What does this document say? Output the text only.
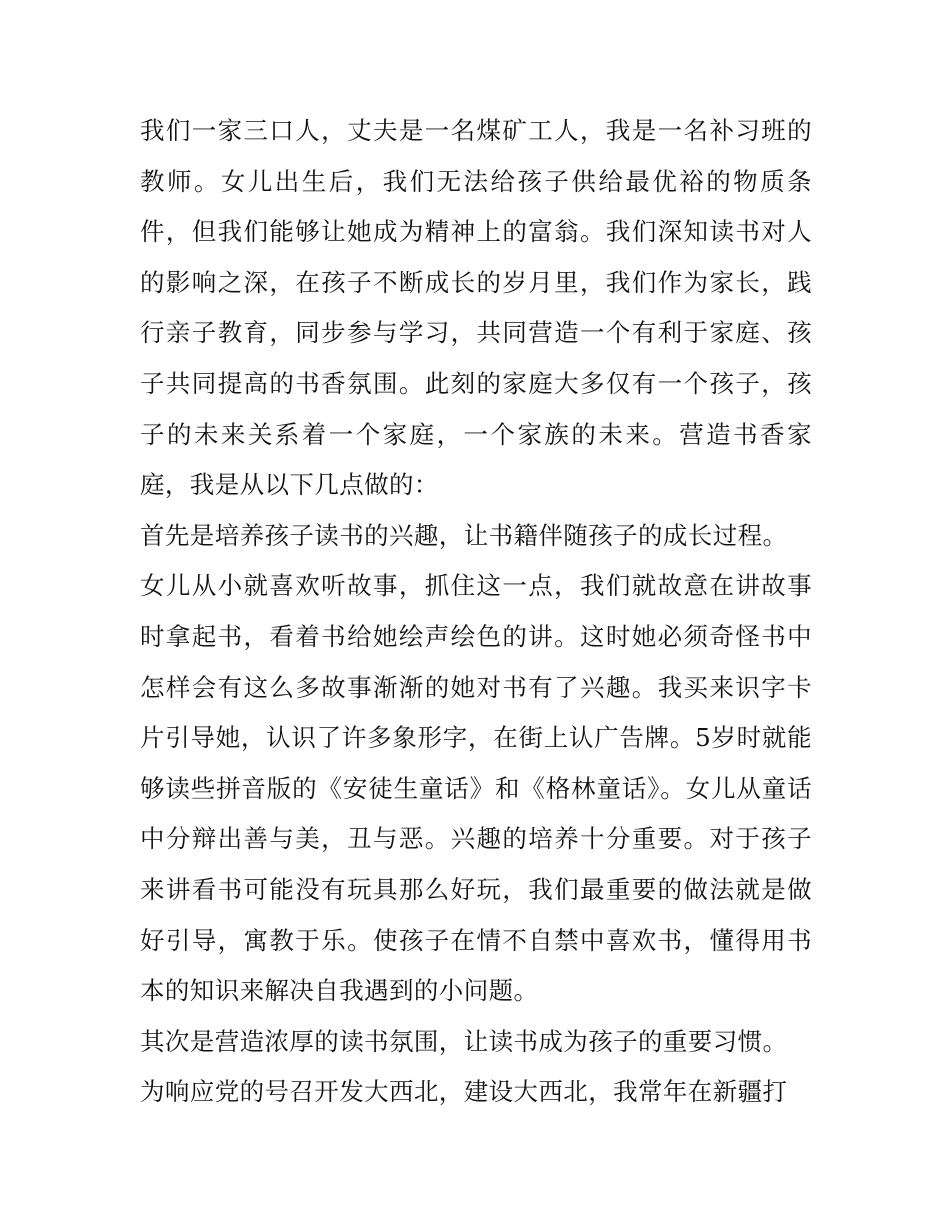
我们一家三口人，丈夫是一名煤矿工人，我是一名补习班的教师。女儿出生后，我们无法给孩子供给最优裕的物质条件，但我们能够让她成为精神上的富翁。我们深知读书对人的影响之深，在孩子不断成长的岁月里，我们作为家长，践行亲子教育，同步参与学习，共同营造一个有利于家庭、孩子共同提高的书香氛围。此刻的家庭大多仅有一个孩子，孩子的未来关系着一个家庭，一个家族的未来。营造书香家庭，我是从以下几点做的：

首先是培养孩子读书的兴趣，让书籍伴随孩子的成长过程。

女儿从小就喜欢听故事，抓住这一点，我们就故意在讲故事时拿起书，看着书给她绘声绘色的讲。这时她必须奇怪书中怎样会有这么多故事渐渐的她对书有了兴趣。我买来识字卡片引导她，认识了许多象形字，在街上认广告牌。5岁时就能够读些拼音版的《安徒生童话》和《格林童话》。女儿从童话中分辩出善与美，丑与恶。兴趣的培养十分重要。对于孩子来讲看书可能没有玩具那么好玩，我们最重要的做法就是做好引导，寓教于乐。使孩子在情不自禁中喜欢书，懂得用书本的知识来解决自我遇到的小问题。

其次是营造浓厚的读书氛围，让读书成为孩子的重要习惯。

为响应党的号召开发大西北，建设大西北，我常年在新疆打
